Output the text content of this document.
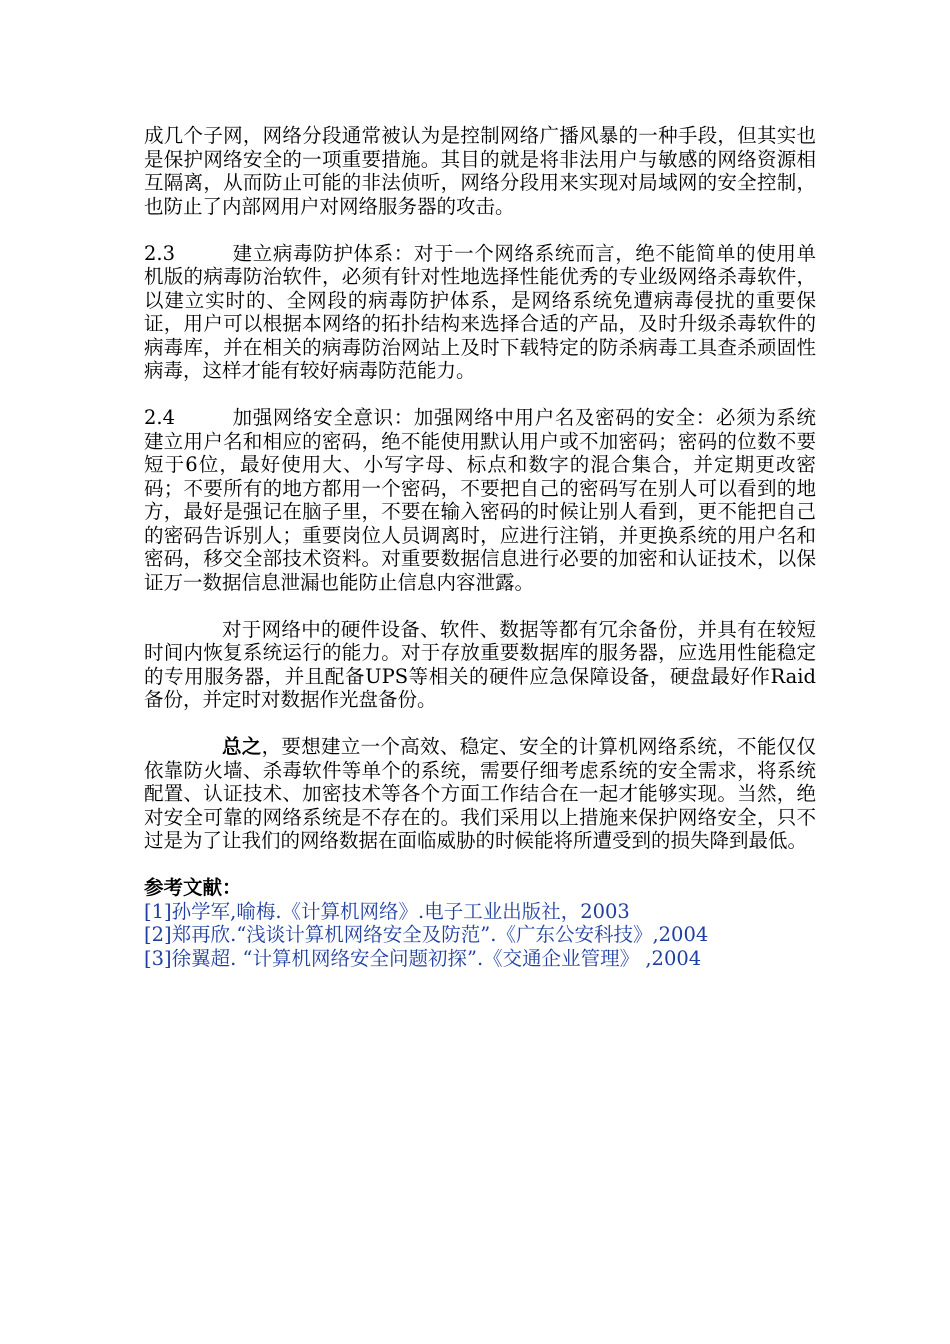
成几个子网，网络分段通常被认为是控制网络广播风暴的一种手段，但其实也是保护网络安全的一项重要措施。其目的就是将非法用户与敏感的网络资源相互隔离，从而防止可能的非法侦听，网络分段用来实现对局域网的安全控制，也防止了内部网用户对网络服务器的攻击。

2.3	建立病毒防护体系：对于一个网络系统而言，绝不能简单的使用单机版的病毒防治软件，必须有针对性地选择性能优秀的专业级网络杀毒软件，以建立实时的、全网段的病毒防护体系，是网络系统免遭病毒侵扰的重要保证，用户可以根据本网络的拓扑结构来选择合适的产品，及时升级杀毒软件的病毒库，并在相关的病毒防治网站上及时下载特定的防杀病毒工具查杀顽固性病毒，这样才能有较好病毒防范能力。

2.4	加强网络安全意识：加强网络中用户名及密码的安全：必须为系统建立用户名和相应的密码，绝不能使用默认用户或不加密码；密码的位数不要短于6位，最好使用大、小写字母、标点和数字的混合集合，并定期更改密码；不要所有的地方都用一个密码，不要把自己的密码写在别人可以看到的地方，最好是强记在脑子里，不要在输入密码的时候让别人看到，更不能把自己的密码告诉别人；重要岗位人员调离时，应进行注销，并更换系统的用户名和密码，移交全部技术资料。对重要数据信息进行必要的加密和认证技术，以保证万一数据信息泄漏也能防止信息内容泄露。

对于网络中的硬件设备、软件、数据等都有冗余备份，并具有在较短时间内恢复系统运行的能力。对于存放重要数据库的服务器，应选用性能稳定的专用服务器，并且配备UPS等相关的硬件应急保障设备，硬盘最好作Raid备份，并定时对数据作光盘备份。

总之，要想建立一个高效、稳定、安全的计算机网络系统，不能仅仅依靠防火墙、杀毒软件等单个的系统，需要仔细考虑系统的安全需求，将系统配置、认证技术、加密技术等各个方面工作结合在一起才能够实现。当然，绝对安全可靠的网络系统是不存在的。我们采用以上措施来保护网络安全，只不过是为了让我们的网络数据在面临威胁的时候能将所遭受到的损失降到最低。

参考文献：

[1]孙学军,喻梅.《计算机网络》.电子工业出版社，2003

[2]郑再欣.“浅谈计算机网络安全及防范”.《广东公安科技》,2004

[3]徐翼超. “计算机网络安全问题初探”.《交通企业管理》 ,2004
